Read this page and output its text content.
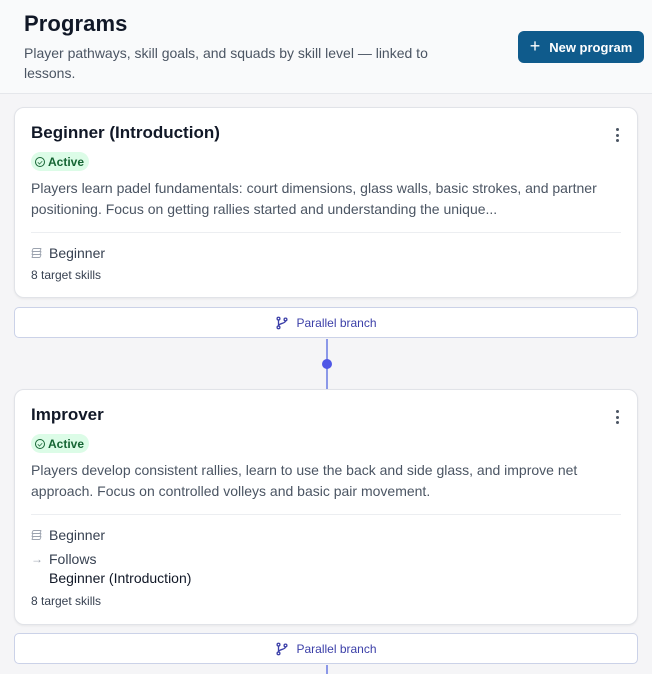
Programs

Player pathways, skill goals, and squads by skill level — linked to lessons.

+ New program
Beginner (Introduction)
Active
Players learn padel fundamentals: court dimensions, glass walls, basic strokes, and partner positioning. Focus on getting rallies started and understanding the unique...
Beginner
8 target skills
Parallel branch
Improver
Active
Players develop consistent rallies, learn to use the back and side glass, and improve net approach. Focus on controlled volleys and basic pair movement.
Beginner
→ Follows
Beginner (Introduction)
8 target skills
Parallel branch
